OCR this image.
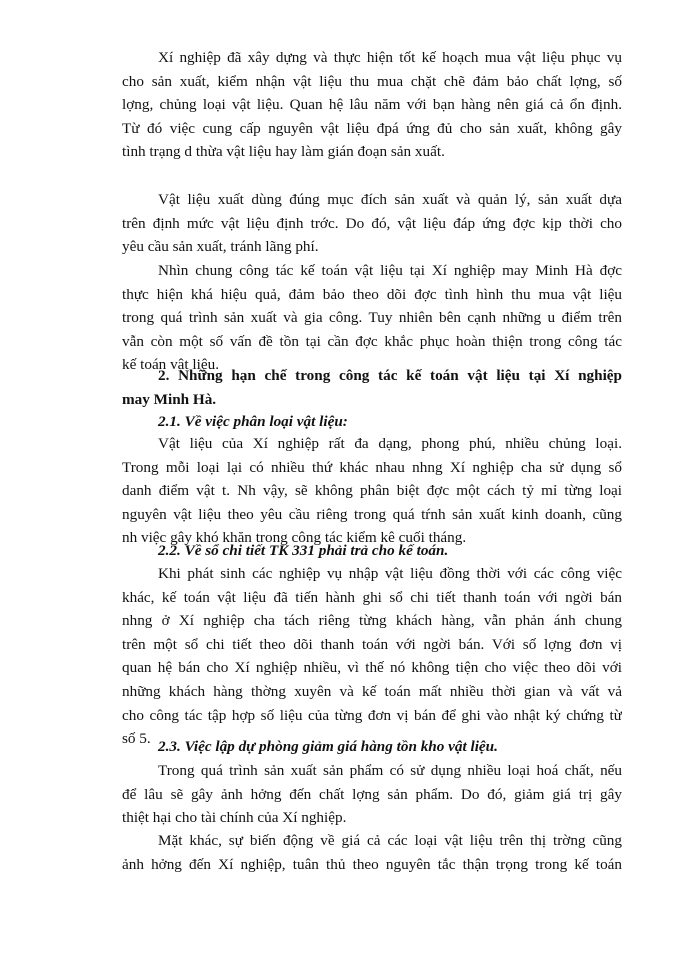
Xí nghiệp đã xây dựng và thực hiện tốt kế hoạch mua vật liệu phục vụ
cho sản xuất, kiểm nhận vật liệu thu mua chặt chẽ đảm bảo chất lợng, số
lợng, chủng loại vật liệu. Quan hệ lâu năm với bạn hàng nên giá cả ổn định.
Từ đó việc cung cấp nguyên vật liệu đpá ứng đủ cho sản xuất, không gây
tình trạng d thừa vật liệu hay làm gián đoạn sản xuất.
Vật liệu xuất dùng đúng mục đích sản xuất và quản lý, sản xuất dựa
trên định mức vật liệu định trớc. Do đó, vật liệu đáp ứng đợc kịp thời cho
yêu cầu sản xuất, tránh lãng phí.
Nhìn chung công tác kế toán vật liệu tại Xí nghiệp may Minh Hà đợc
thực hiện khá hiệu quả, đảm bảo theo dõi đợc tình hình thu mua vật liệu
trong quá trình sản xuất và gia công. Tuy nhiên bên cạnh những u điểm trên
vẫn còn một số vấn đề tồn tại cần đợc khắc phục hoàn thiện trong công tác
kế toán vật liệu.
2. Những hạn chế trong công tác kế toán vật liệu tại Xí nghiệp
may Minh Hà.
2.1. Về việc phân loại vật liệu:
Vật liệu của Xí nghiệp rất đa dạng, phong phú, nhiều chủng loại.
Trong mỗi loại lại có nhiều thứ khác nhau nhng Xí nghiệp cha sử dụng sổ
danh điểm vật t. Nh vậy, sẽ không phân biệt đợc một cách tỷ mỉ từng loại
nguyên vật liệu theo yêu cầu riêng trong quá tŕnh sản xuất kinh doanh, cũng
nh việc gây khó khăn trong công tác kiểm kê cuối tháng.
2.2. Về sổ chi tiết TK 331 phải trả cho kế toán.
Khi phát sinh các nghiệp vụ nhập vật liệu đồng thời với các công việc
khác, kế toán vật liệu đã tiến hành ghi sổ chi tiết thanh toán với ngời bán
nhng ở Xí nghiệp cha tách riêng từng khách hàng, vẫn phản ánh chung
trên một sổ chi tiết theo dõi thanh toán với ngời bán. Với số lợng đơn vị
quan hệ bán cho Xí nghiệp nhiều, vì thế nó không tiện cho việc theo dõi với
những khách hàng thờng xuyên và kế toán mất nhiều thời gian và vất vả
cho công tác tập hợp số liệu của từng đơn vị bán để ghi vào nhật ký chứng từ
số 5. 2.3. Việc lập dự phòng giảm giá hàng tồn kho vật liệu.
Trong quá trình sản xuất sản phẩm có sử dụng nhiều loại hoá chất, nếu
để lâu sẽ gây ảnh hởng đến chất lợng sản phẩm. Do đó, giảm giá trị gây
thiệt hại cho tài chính của Xí nghiệp.
Mặt khác, sự biến động về giá cả các loại vật liệu trên thị trờng cũng
ảnh hởng đến Xí nghiệp, tuân thủ theo nguyên tắc thận trọng trong kế toán
